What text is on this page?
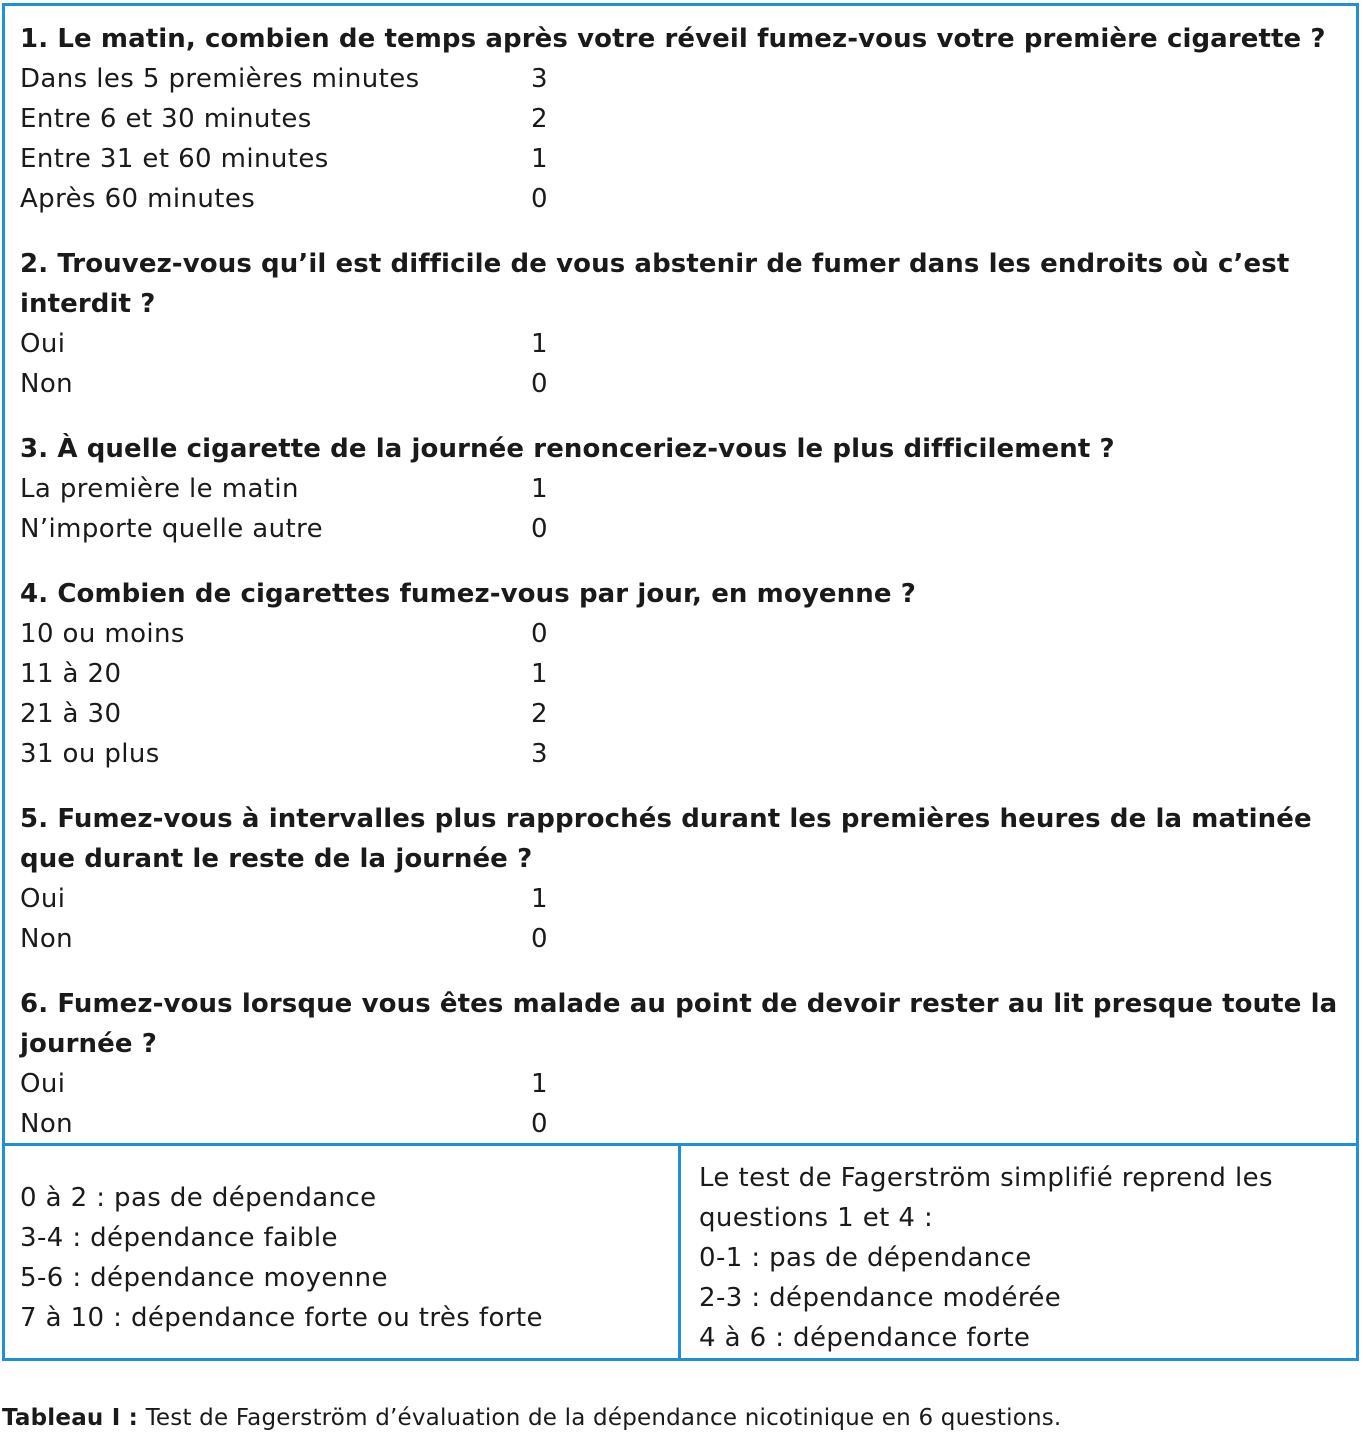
1. Le matin, combien de temps après votre réveil fumez-vous votre première cigarette ?

Dans les 5 premières minutes	3
Entre 6 et 30 minutes	2
Entre 31 et 60 minutes	1
Après 60 minutes	0

2. Trouvez-vous qu’il est difficile de vous abstenir de fumer dans les endroits où c’est interdit ?

Oui	1
Non	0

3. À quelle cigarette de la journée renonceriez-vous le plus difficilement ?

La première le matin	1
N’importe quelle autre	0

4. Combien de cigarettes fumez-vous par jour, en moyenne ?

10 ou moins	0
11 à 20	1
21 à 30	2
31 ou plus	3

5. Fumez-vous à intervalles plus rapprochés durant les premières heures de la matinée que durant le reste de la journée ?

Oui	1
Non	0

6. Fumez-vous lorsque vous êtes malade au point de devoir rester au lit presque toute la journée ?

Oui	1
Non	0
0 à 2 : pas de dépendance
3-4 : dépendance faible
5-6 : dépendance moyenne
7 à 10 : dépendance forte ou très forte
Le test de Fagerström simplifié reprend les
questions 1 et 4 :
0-1 : pas de dépendance
2-3 : dépendance modérée
4 à 6 : dépendance forte
Tableau I : Test de Fagerström d’évaluation de la dépendance nicotinique en 6 questions.
